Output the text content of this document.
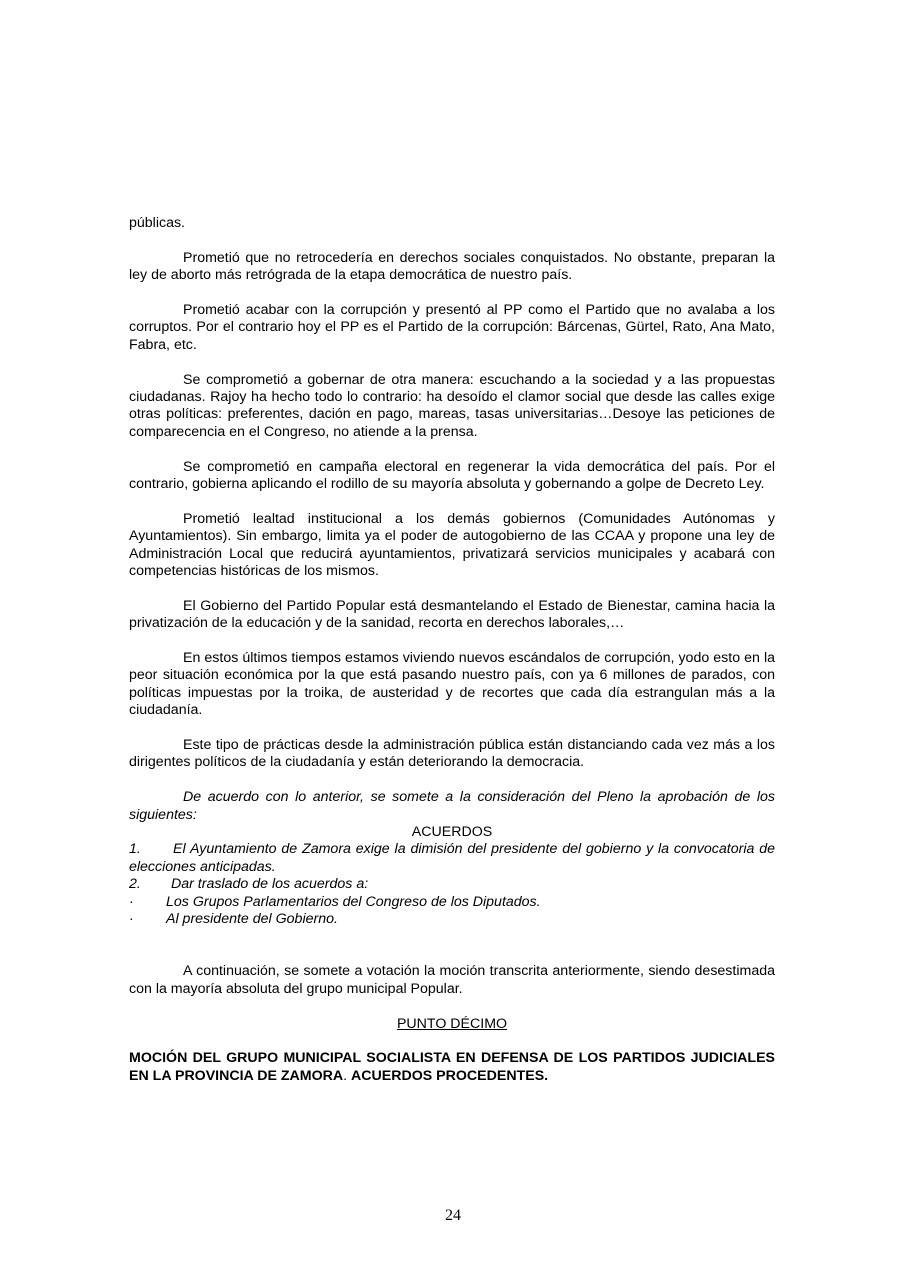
públicas.

Prometió que no retrocedería en derechos sociales conquistados. No obstante, preparan la ley de aborto más retrógrada de la etapa democrática de nuestro país.

Prometió acabar con la corrupción y presentó al PP como el Partido que no avalaba a los corruptos. Por el contrario hoy el PP es el Partido de la corrupción: Bárcenas, Gürtel, Rato, Ana Mato, Fabra, etc.

Se comprometió a gobernar de otra manera: escuchando a la sociedad y a las propuestas ciudadanas. Rajoy ha hecho todo lo contrario: ha desoído el clamor social que desde las calles exige otras políticas: preferentes, dación en pago, mareas, tasas universitarias…Desoye las peticiones de comparecencia en el Congreso, no atiende a la prensa.

Se comprometió en campaña electoral en regenerar la vida democrática del país. Por el contrario, gobierna aplicando el rodillo de su mayoría absoluta y gobernando a golpe de Decreto Ley.

Prometió lealtad institucional a los demás gobiernos (Comunidades Autónomas y Ayuntamientos). Sin embargo, limita ya el poder de autogobierno de las CCAA y propone una ley de Administración Local que reducirá ayuntamientos, privatizará servicios municipales y acabará con competencias históricas de los mismos.

El Gobierno del Partido Popular está desmantelando el Estado de Bienestar, camina hacia la privatización de la educación y de la sanidad, recorta en derechos laborales,…

En estos últimos tiempos estamos viviendo nuevos escándalos de corrupción, yodo esto en la peor situación económica por la que está pasando nuestro país, con ya 6 millones de parados, con políticas impuestas por la troika, de austeridad y de recortes que cada día estrangulan más a la ciudadanía.

Este tipo de prácticas desde la administración pública están distanciando cada vez más a los dirigentes políticos de la ciudadanía y están deteriorando la democracia.

De acuerdo con lo anterior, se somete a la consideración del Pleno la aprobación de los siguientes:

ACUERDOS
1. El Ayuntamiento de Zamora exige la dimisión del presidente del gobierno y la convocatoria de elecciones anticipadas.
2. Dar traslado de los acuerdos a:
· Los Grupos Parlamentarios del Congreso de los Diputados.
· Al presidente del Gobierno.

A continuación, se somete a votación la moción transcrita anteriormente, siendo desestimada con la mayoría absoluta del grupo municipal Popular.

PUNTO DÉCIMO

MOCIÓN DEL GRUPO MUNICIPAL SOCIALISTA EN DEFENSA DE LOS PARTIDOS JUDICIALES EN LA PROVINCIA DE ZAMORA. ACUERDOS PROCEDENTES.

24
